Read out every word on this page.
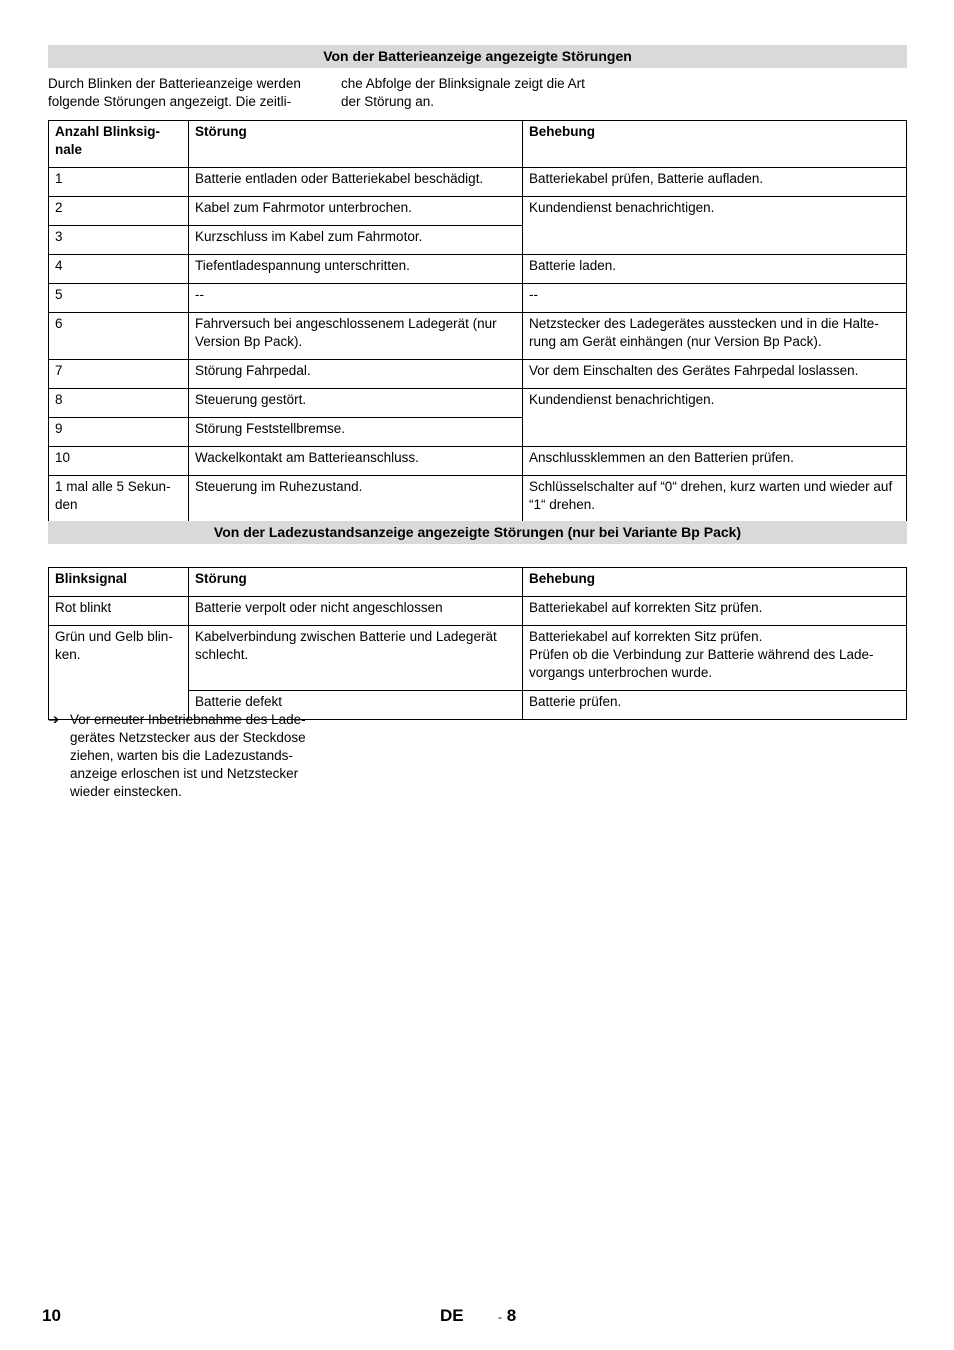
Von der Batterieanzeige angezeigte Störungen
Durch Blinken der Batterieanzeige werden
folgende Störungen angezeigt. Die zeitli-
che Abfolge der Blinksignale zeigt die Art
der Störung an.
Anzahl Blinksig-
nale	Störung	Behebung
1	Batterie entladen oder Batteriekabel beschädigt.	Batteriekabel prüfen, Batterie aufladen.
2	Kabel zum Fahrmotor unterbrochen.	Kundendienst benachrichtigen.
3	Kurzschluss im Kabel zum Fahrmotor.	
4	Tiefentladespannung unterschritten.	Batterie laden.
5	--	--
6	Fahrversuch bei angeschlossenem Ladegerät (nur Version Bp Pack).	Netzstecker des Ladegerätes ausstecken und in die Halte-rung am Gerät einhängen (nur Version Bp Pack).
7	Störung Fahrpedal.	Vor dem Einschalten des Gerätes Fahrpedal loslassen.
8	Steuerung gestört.	Kundendienst benachrichtigen.
9	Störung Feststellbremse.	
10	Wackelkontakt am Batterieanschluss.	Anschlussklemmen an den Batterien prüfen.
1 mal alle 5 Sekun-den	Steuerung im Ruhezustand.	Schlüsselschalter auf “0“ drehen, kurz warten und wieder auf “1“ drehen.
Von der Ladezustandsanzeige angezeigte Störungen (nur bei Variante Bp Pack)
Blinksignal	Störung	Behebung
Rot blinkt	Batterie verpolt oder nicht angeschlossen	Batteriekabel auf korrekten Sitz prüfen.
Grün und Gelb blin-ken.	Kabelverbindung zwischen Batterie und Ladegerät schlecht.	Batteriekabel auf korrekten Sitz prüfen.
Prüfen ob die Verbindung zur Batterie während des Lade-vorgangs unterbrochen wurde.

	Batterie defekt	Batterie prüfen.
➔ Vor erneuter Inbetriebnahme des Lade-gerätes Netzstecker aus der Steckdose ziehen, warten bis die Ladezustands-anzeige erloschen ist und Netzstecker wieder einstecken.
10	DE	- 8
